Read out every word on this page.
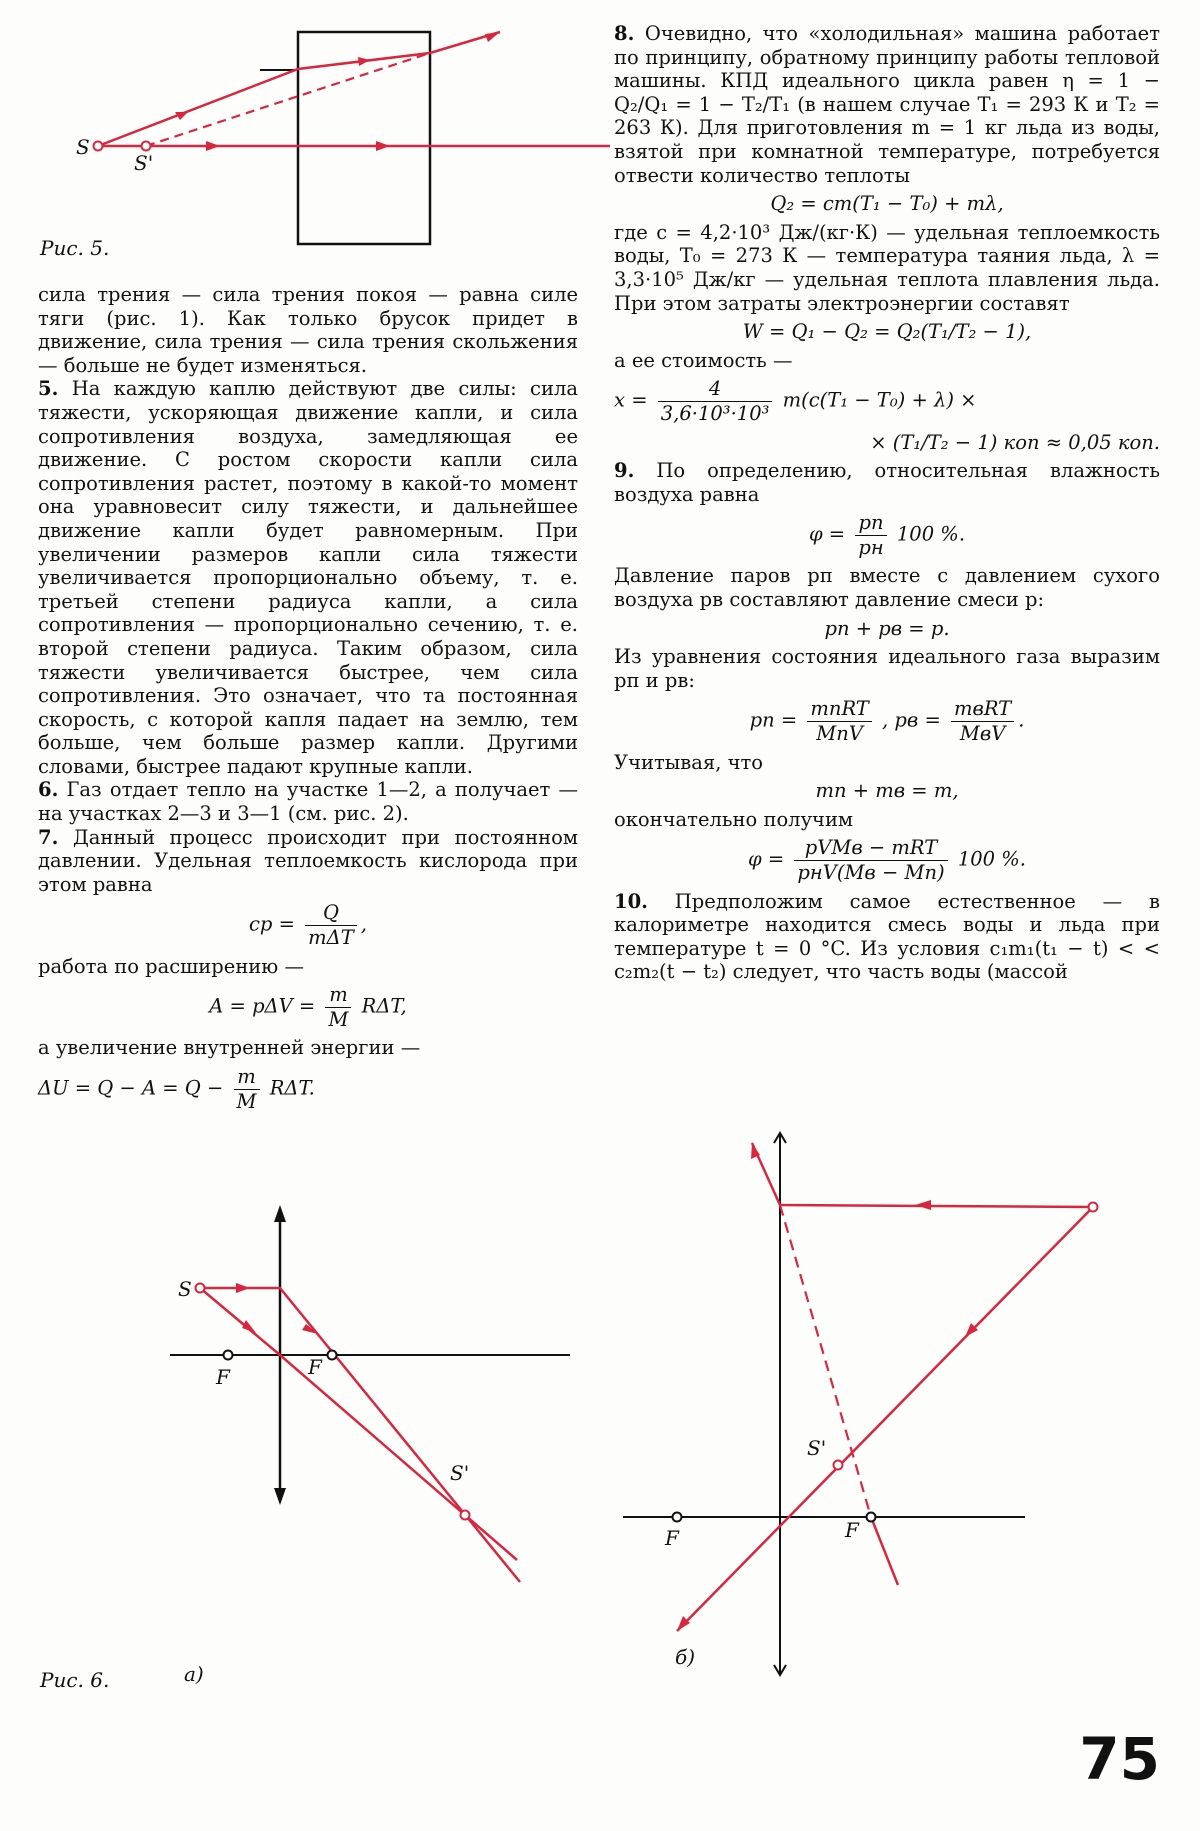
S
S'
Рис. 5.

сила трения — сила трения покоя — равна силе тяги (рис. 1). Как только брусок придет в движение, сила трения — сила трения скольжения — больше не будет изменяться.

5. На каждую каплю действуют две силы: сила тяжести, ускоряющая движение капли, и сила сопротивления воздуха, замедляющая ее движение. С ростом скорости капли сила сопротивления растет, поэтому в какой-то момент она уравновесит силу тяжести, и дальнейшее движение капли будет равномерным. При увеличении размеров капли сила тяжести увеличивается пропорционально объему, т. е. третьей степени радиуса капли, а сила сопротивления — пропорционально сечению, т. е. второй степени радиуса. Таким образом, сила тяжести увеличивается быстрее, чем сила сопротивления. Это означает, что та постоянная скорость, с которой капля падает на землю, тем больше, чем больше размер капли. Другими словами, быстрее падают крупные капли.

6. Газ отдает тепло на участке 1—2, а получает — на участках 2—3 и 3—1 (см. рис. 2).

7. Данный процесс происходит при постоянном давлении. Удельная теплоемкость кислорода при этом равна

cp = $\frac{Q}{\text{mΔT}}$ ,

работа по расширению —

$A = p\Delta V = \frac{m}{M} R\Delta T$,

а увеличение внутренней энергии —

$\Delta U = Q - A = Q - \frac{m}{M} R\Delta T$.

8. Очевидно, что «холодильная» машина работает по принципу, обратному принципу работы тепловой машины. КПД идеального цикла равен η = 1 − Q₂/Q₁ = 1 − T₂/T₁ (в нашем случае T₁ = 293 К и T₂ = 263 К). Для приготовления m = 1 кг льда из воды, взятой при комнатной температуре, потребуется отвести количество теплоты

Q₂ = cm(T₁ − T₀) + mλ,

где c = 4,2·10³ Дж/(кг·К) — удельная теплоемкость воды, T₀ = 273 К — температура таяния льда, λ = 3,3·10⁵ Дж/кг — удельная теплота плавления льда. При этом затраты электроэнергии составят

W = Q₁ − Q₂ = Q₂(T₁/T₂ − 1),

а ее стоимость —

$x = \frac{4}{\text{3,6·10³·10³}} m(c(T_1 - T_0) + \lambda)$ ×
× (T₁/T₂ − 1) коп ≈ 0,05 коп.

9. По определению, относительная влажность воздуха равна

$\varphi = \frac{pп}{pн} 100$ %.

Давление паров pп вместе с давлением сухого воздуха pв составляют давление смеси p:

pп + pв = p.

Из уравнения состояния идеального газа выразим pп и pв:

pп = $\frac{\text{mпRT}}{\text{MпV}}$ , pв = $\frac{\text{mвRT}}{\text{MвV}}$ .

Учитывая, что

mп + mв = m,

окончательно получим

$\varphi = \frac{\text{pVMв − mRT}}{\text{pнV(Mв − Mп)}} 100$ %.

10. Предположим самое естественное — в калориметре находится смесь воды и льда при температуре t = 0 °C. Из условия c₁m₁(t₁ − t) < < c₂m₂(t − t₂) следует, что часть воды (массой

S
F	F
S'
Рис. 6.	а)
F	F
S'
б)
75
